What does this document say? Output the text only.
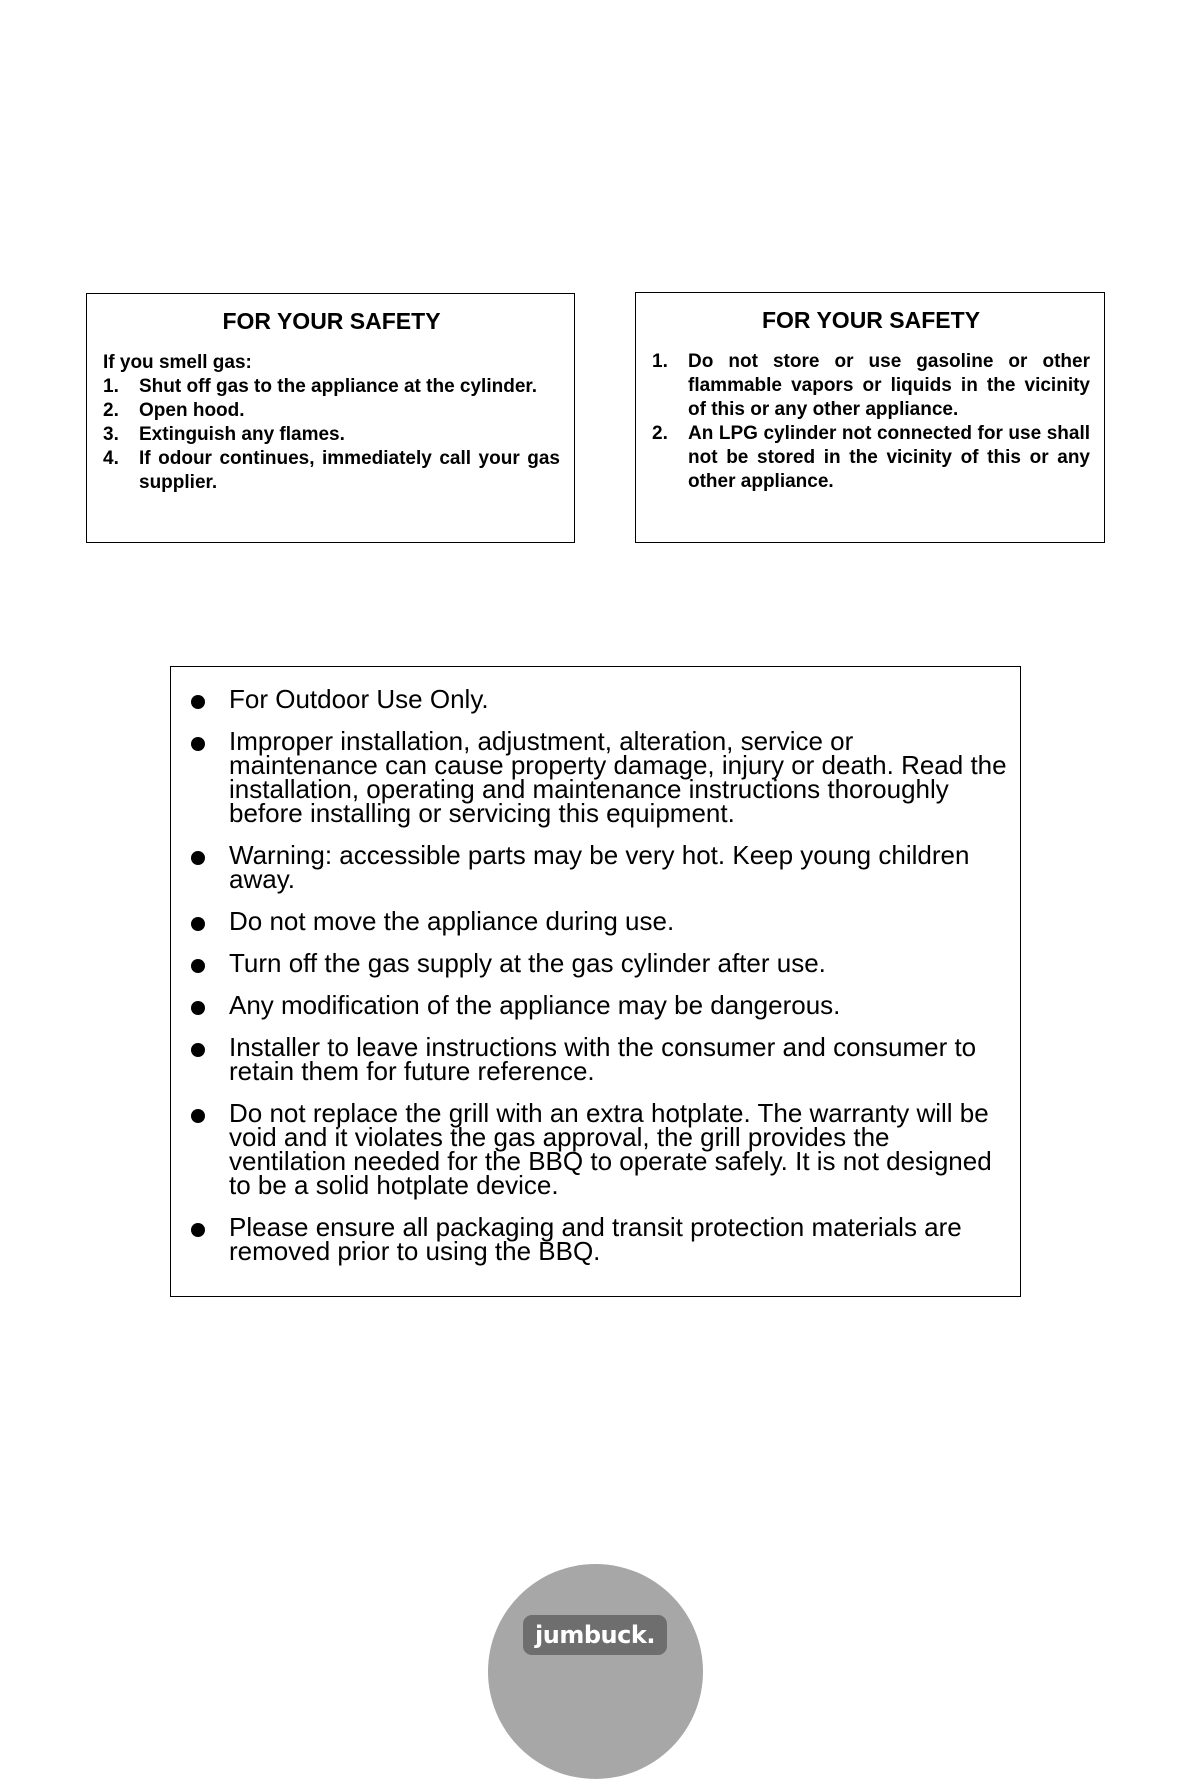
FOR YOUR SAFETY

If you smell gas:

1.	Shut off gas to the appliance at the cylinder.
2.	Open hood.
3.	Extinguish any flames.
4.	If odour continues, immediately call your gas supplier.
FOR YOUR SAFETY
1.	Do not store or use gasoline or other flammable vapors or liquids in the vicinity of this or any other appliance.
2.	An LPG cylinder not connected for use shall not be stored in the vicinity of this or any other appliance.
For Outdoor Use Only.
Improper installation, adjustment, alteration, service or maintenance can cause property damage, injury or death. Read the installation, operating and maintenance instructions thoroughly before installing or servicing this equipment.
Warning: accessible parts may be very hot. Keep young children away.
Do not move the appliance during use.
Turn off the gas supply at the gas cylinder after use.
Any modification of the appliance may be dangerous.
Installer to leave instructions with the consumer and consumer to retain them for future reference.
Do not replace the grill with an extra hotplate. The warranty will be void and it violates the gas approval, the grill provides the ventilation needed for the BBQ to operate safely. It is not designed to be a solid hotplate device.
Please ensure all packaging and transit protection materials are removed prior to using the BBQ.
jumbuck.
